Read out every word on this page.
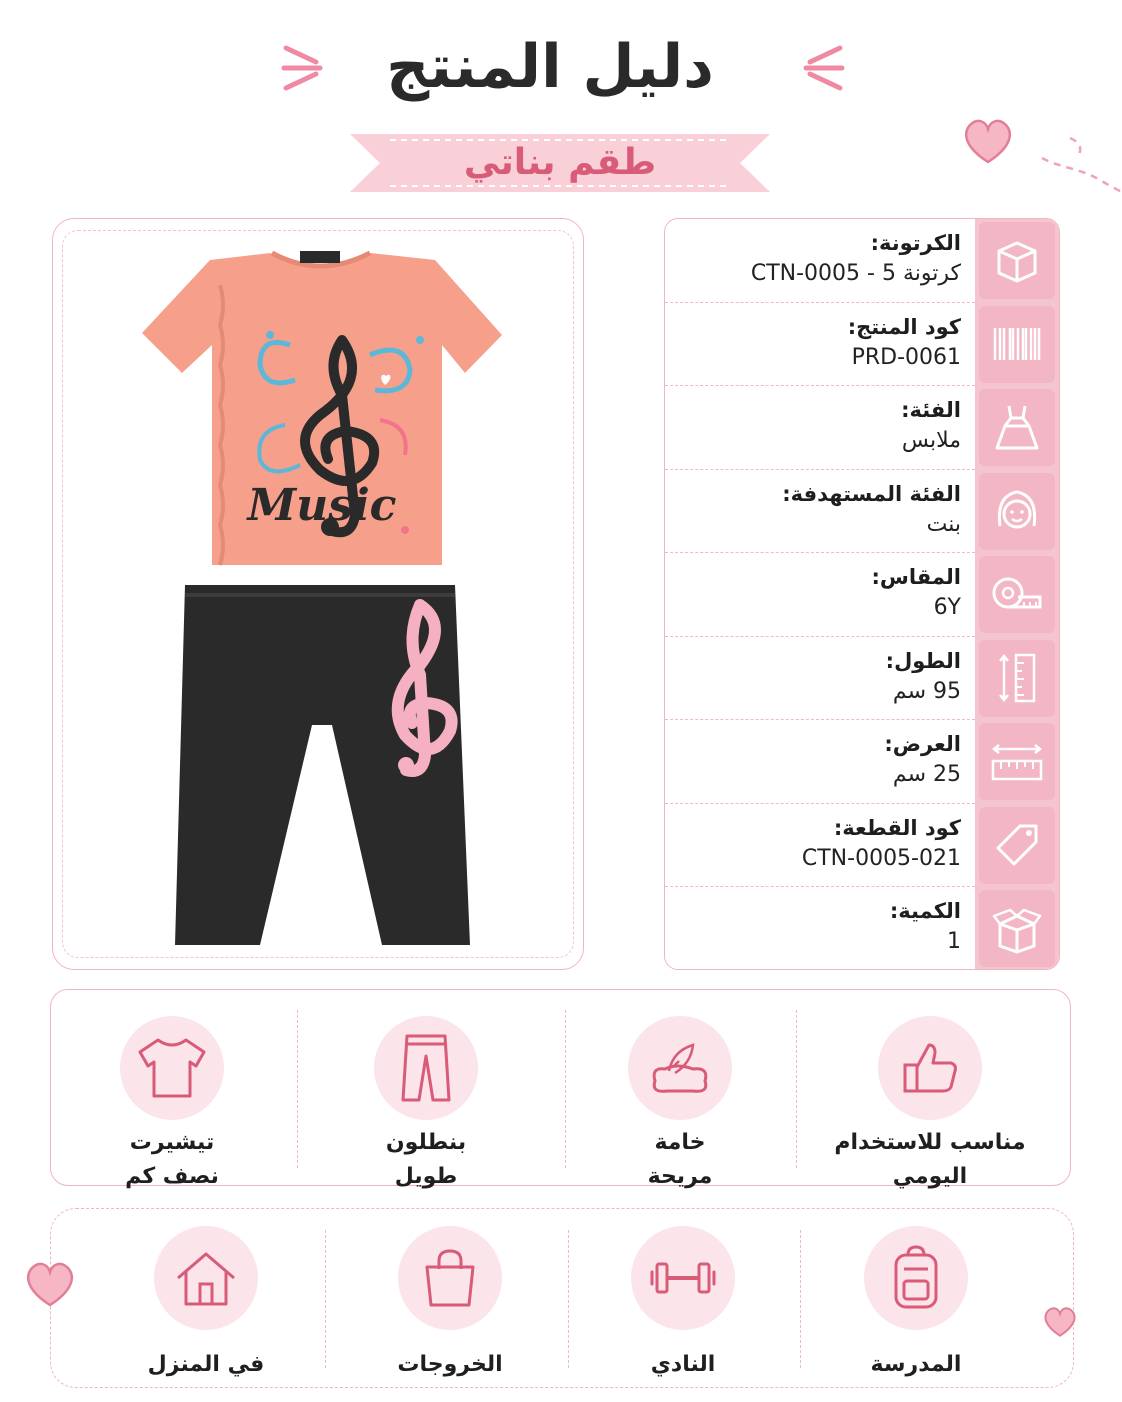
دليل المنتج
طقم بناتي
Music
الكرتونة:
كرتونة 5 - CTN-0005
كود المنتج:
PRD-0061
الفئة:
ملابس
الفئة المستهدفة:
بنت
المقاس:
6Y
الطول:
95 سم
العرض:
25 سم
كود القطعة:
CTN-0005-021
الكمية:
1
مناسب للاستخدام
اليومي
خامة
مريحة
بنطلون
طويل
تيشيرت
نصف كم
المدرسة
النادي
الخروجات
في المنزل
